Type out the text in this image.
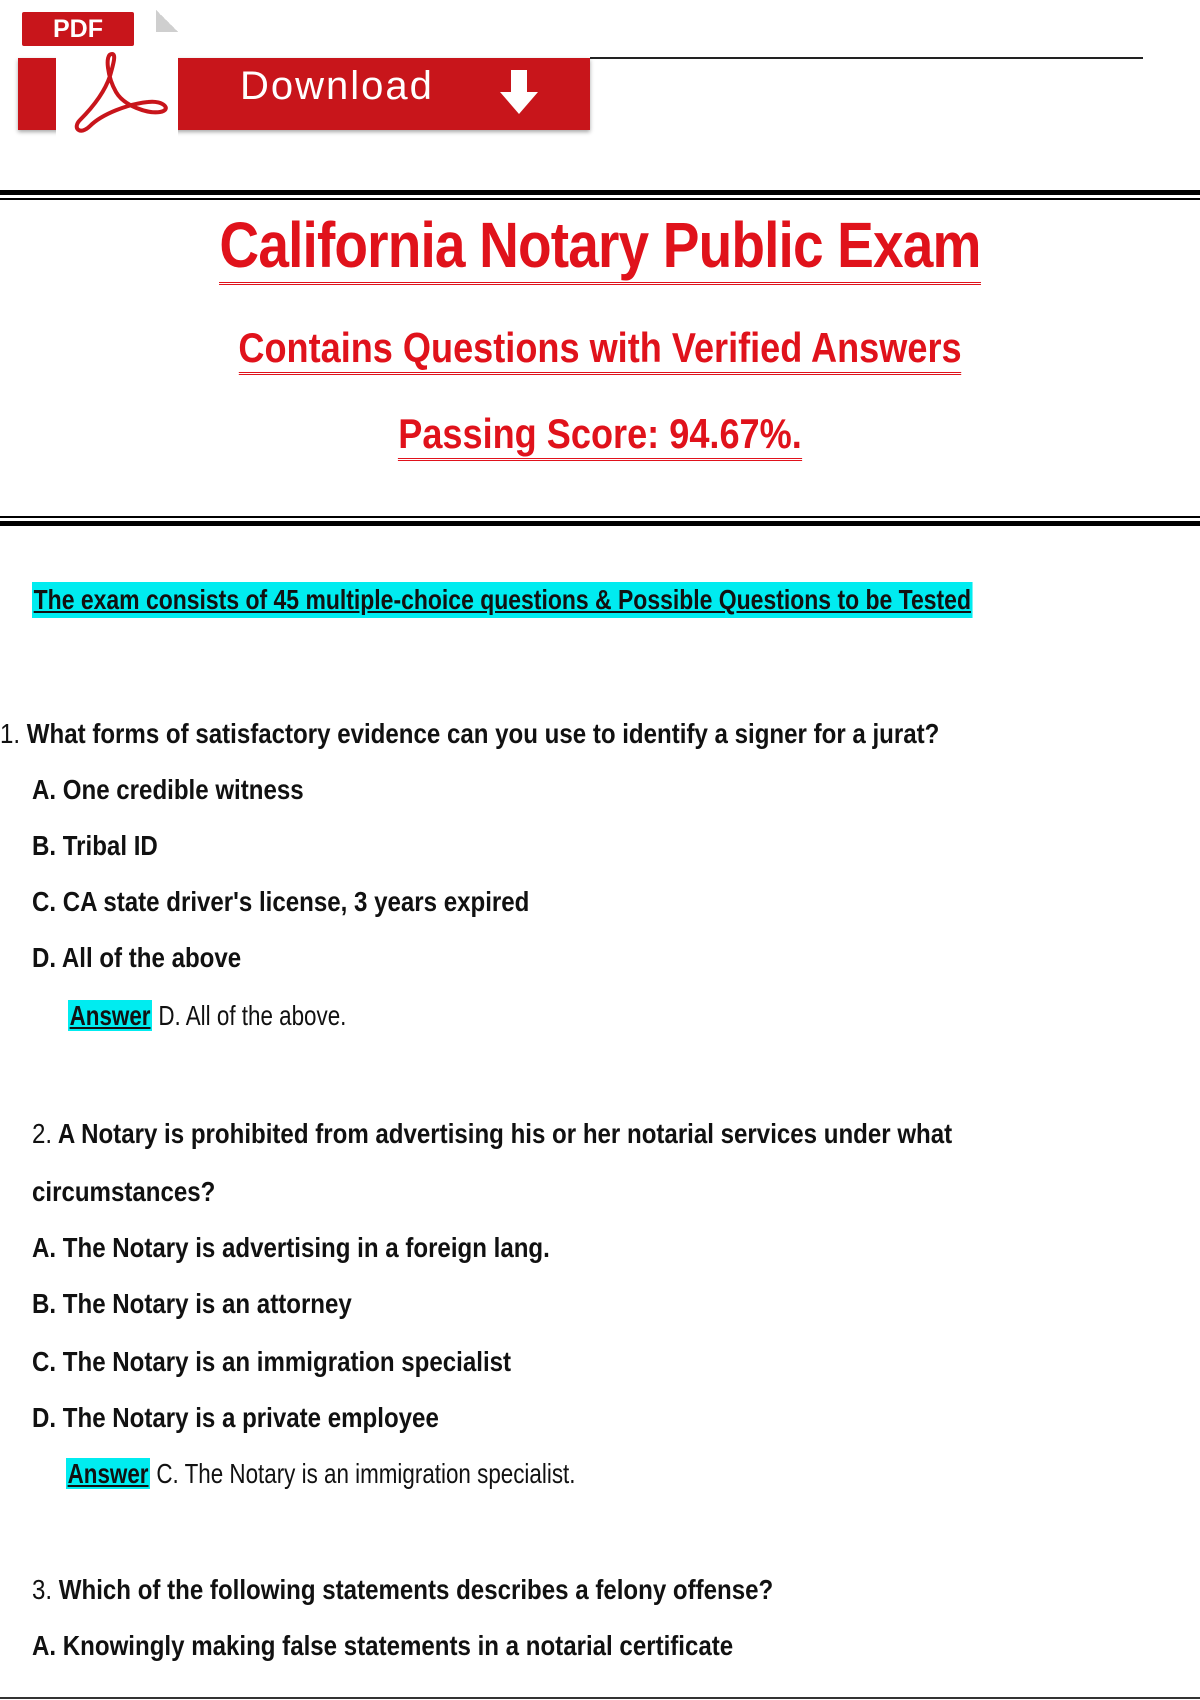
Download
PDF
California Notary Public Exam
Contains Questions with Verified Answers
Passing Score: 94.67%.
The exam consists of 45 multiple-choice questions & Possible Questions to be Tested
1. What forms of satisfactory evidence can you use to identify a signer for a jurat?
A. One credible witness
B. Tribal ID
C. CA state driver's license, 3 years expired
D. All of the above
Answer D. All of the above.
2. A Notary is prohibited from advertising his or her notarial services under what
circumstances?
A. The Notary is advertising in a foreign lang.
B. The Notary is an attorney
C. The Notary is an immigration specialist
D. The Notary is a private employee
Answer C. The Notary is an immigration specialist.
3. Which of the following statements describes a felony offense?
A. Knowingly making false statements in a notarial certificate
